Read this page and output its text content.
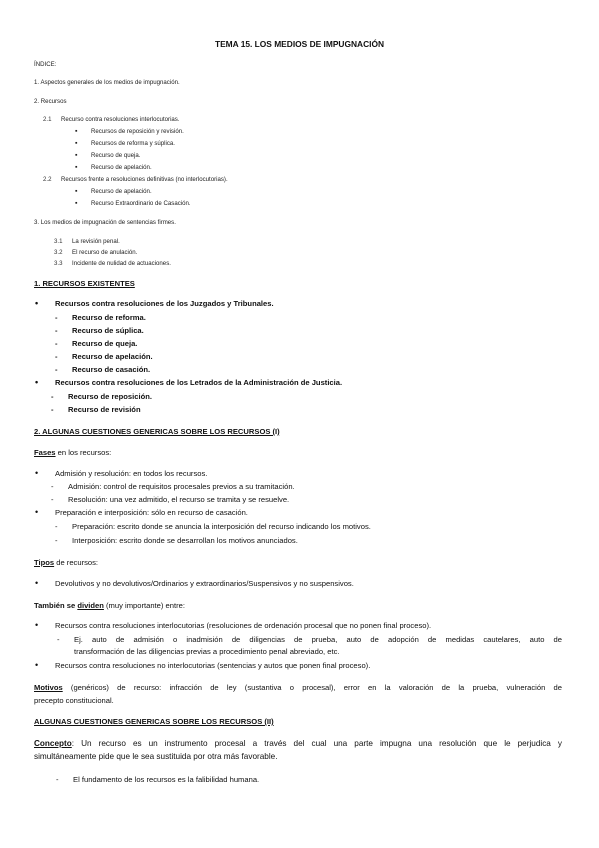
TEMA 15. LOS MEDIOS DE IMPUGNACIÓN
ÍNDICE:
1. Aspectos generales de los medios de impugnación.
2. Recursos
2.1 Recurso contra resoluciones interlocutorias.
▪ Recursos de reposición y revisión.
▪ Recursos de reforma y súplica.
▪ Recurso de queja.
▪ Recurso de apelación.
2.2 Recursos frente a resoluciones definitivas (no interlocutorias).
▪ Recurso de apelación.
▪ Recurso Extraordinario de Casación.
3. Los medios de impugnación de sentencias firmes.
3.1 La revisión penal.
3.2 El recurso de anulación.
3.3 Incidente de nulidad de actuaciones.
1. RECURSOS EXISTENTES
• Recursos contra resoluciones de los Juzgados y Tribunales.
- Recurso de reforma.
- Recurso de súplica.
- Recurso de queja.
- Recurso de apelación.
- Recurso de casación.
• Recursos contra resoluciones de los Letrados de la Administración de Justicia.
- Recurso de reposición.
- Recurso de revisión
2. ALGUNAS CUESTIONES GENERICAS SOBRE LOS RECURSOS (I)
Fases en los recursos:
• Admisión y resolución: en todos los recursos.
- Admisión: control de requisitos procesales previos a su tramitación.
- Resolución: una vez admitido, el recurso se tramita y se resuelve.
• Preparación e interposición: sólo en recurso de casación.
- Preparación: escrito donde se anuncia la interposición del recurso indicando los motivos.
- Interposición: escrito donde se desarrollan los motivos anunciados.
Tipos de recursos:
• Devolutivos y no devolutivos/Ordinarios y extraordinarios/Suspensivos y no suspensivos.
También se dividen (muy importante) entre:
• Recursos contra resoluciones interlocutorias (resoluciones de ordenación procesal que no ponen final proceso).
- Ej. auto de admisión o inadmisión de diligencias de prueba, auto de adopción de medidas cautelares, auto de
transformación de las diligencias previas a procedimiento penal abreviado, etc.
• Recursos contra resoluciones no interlocutorias (sentencias y autos que ponen final proceso).
Motivos (genéricos) de recurso: infracción de ley (sustantiva o procesal), error en la valoración de la prueba, vulneración de
precepto constitucional.
ALGUNAS CUESTIONES GENERICAS SOBRE LOS RECURSOS (II)
Concepto: Un recurso es un instrumento procesal a través del cual una parte impugna una resolución que le perjudica y
simultáneamente pide que le sea sustituida por otra más favorable.
- El fundamento de los recursos es la falibilidad humana.
